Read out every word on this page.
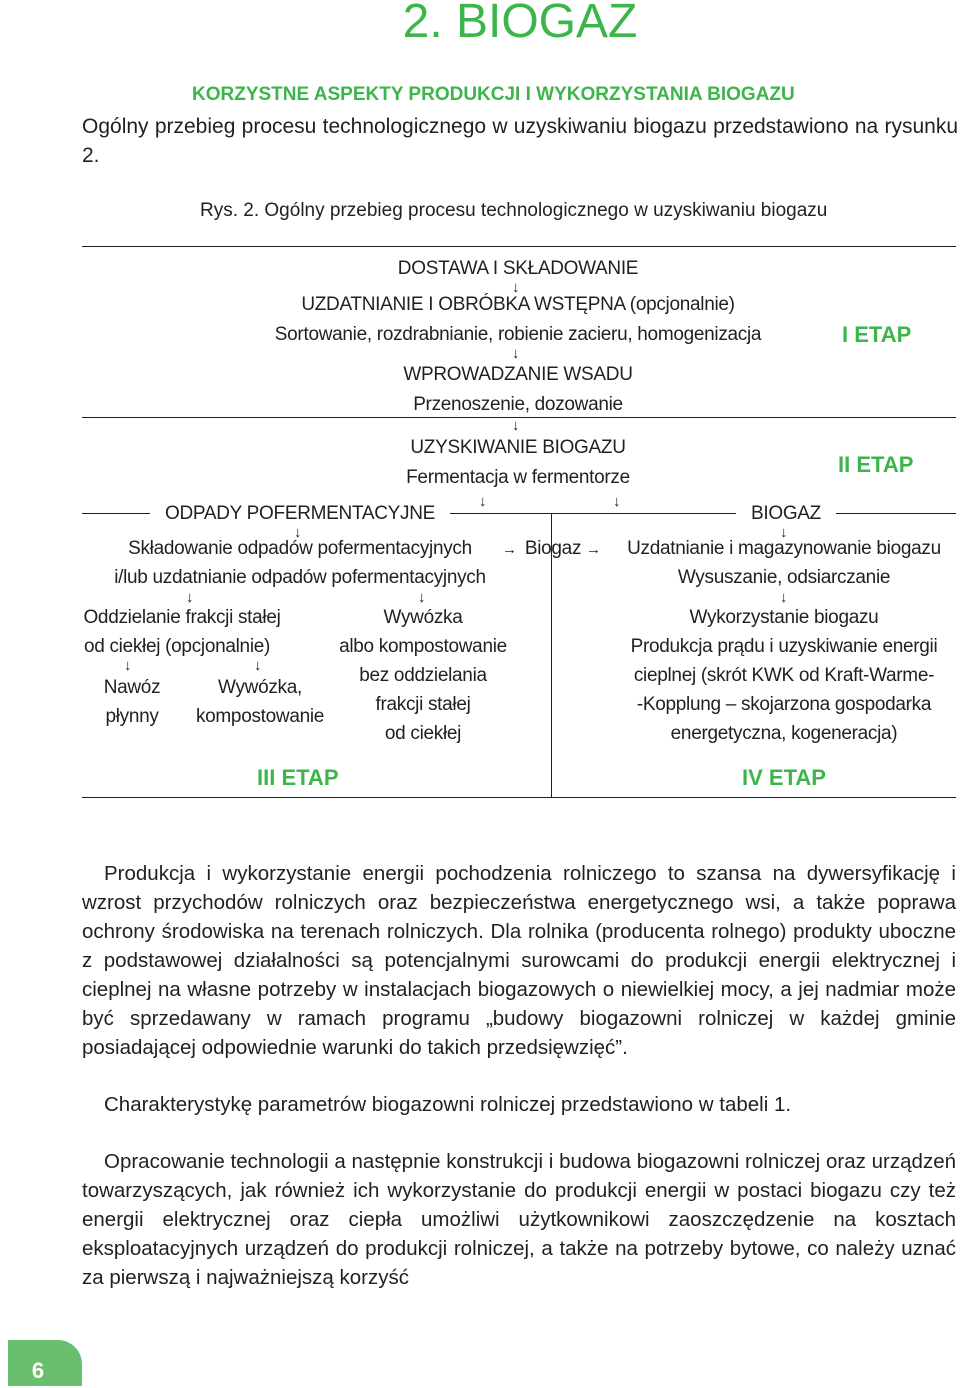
2. BIOGAZ
KORZYSTNE ASPEKTY PRODUKCJI I WYKORZYSTANIA BIOGAZU
Ogólny przebieg procesu technologicznego w uzyskiwaniu biogazu przedstawiono na rysunku 2.
Rys. 2. Ogólny przebieg procesu technologicznego w uzyskiwaniu biogazu
DOSTAWA I SKŁADOWANIE
↓
UZDATNIANIE I OBRÓBKA WSTĘPNA (opcjonalnie)
Sortowanie, rozdrabnianie, robienie zacieru, homogenizacja
↓
WPROWADZANIE WSADU
Przenoszenie, dozowanie
I ETAP
↓
UZYSKIWANIE BIOGAZU
Fermentacja w fermentorze
II ETAP
↓	↓
ODPADY POFERMENTACYJNE
↓
Składowanie odpadów pofermentacyjnych
i/lub uzdatnianie odpadów pofermentacyjnych
→ Biogaz →
↓	↓
Oddzielanie frakcji stałej
od ciekłej (opcjonalnie)
Wywózka
albo kompostowanie
bez oddzielania
frakcji stałej
od ciekłej
↓	↓
Nawóz
płynny
Wywózka,
kompostowanie
III ETAP
BIOGAZ
↓
Uzdatnianie i magazynowanie biogazu
Wysuszanie, odsiarczanie
↓
Wykorzystanie biogazu
Produkcja prądu i uzyskiwanie energii
cieplnej (skrót KWK od Kraft-Warme-
-Kopplung – skojarzona gospodarka
energetyczna, kogeneracja)
IV ETAP
Produkcja i wykorzystanie energii pochodzenia rolniczego to szansa na dywersyfikację i wzrost przychodów rolniczych oraz bezpieczeństwa energetycznego wsi, a także poprawa ochrony środowiska na terenach rolniczych. Dla rolnika (producenta rolnego) produkty uboczne z podstawowej działalności są potencjalnymi surowcami do produkcji energii elektrycznej i cieplnej na własne potrzeby w instalacjach biogazowych o niewielkiej mocy, a jej nadmiar może być sprzedawany w ramach programu „budowy biogazowni rolniczej w każdej gminie posiadającej odpowiednie warunki do takich przedsięwzięć”.
Charakterystykę parametrów biogazowni rolniczej przedstawiono w tabeli 1.
Opracowanie technologii a następnie konstrukcji i budowa biogazowni rolniczej oraz urządzeń towarzyszących, jak również ich wykorzystanie do produkcji energii w postaci biogazu czy też energii elektrycznej oraz ciepła umożliwi użytkownikowi zaoszczędzenie na kosztach eksploatacyjnych urządzeń do produkcji rolniczej, a także na potrzeby bytowe, co należy uznać za pierwszą i najważniejszą korzyść
6
